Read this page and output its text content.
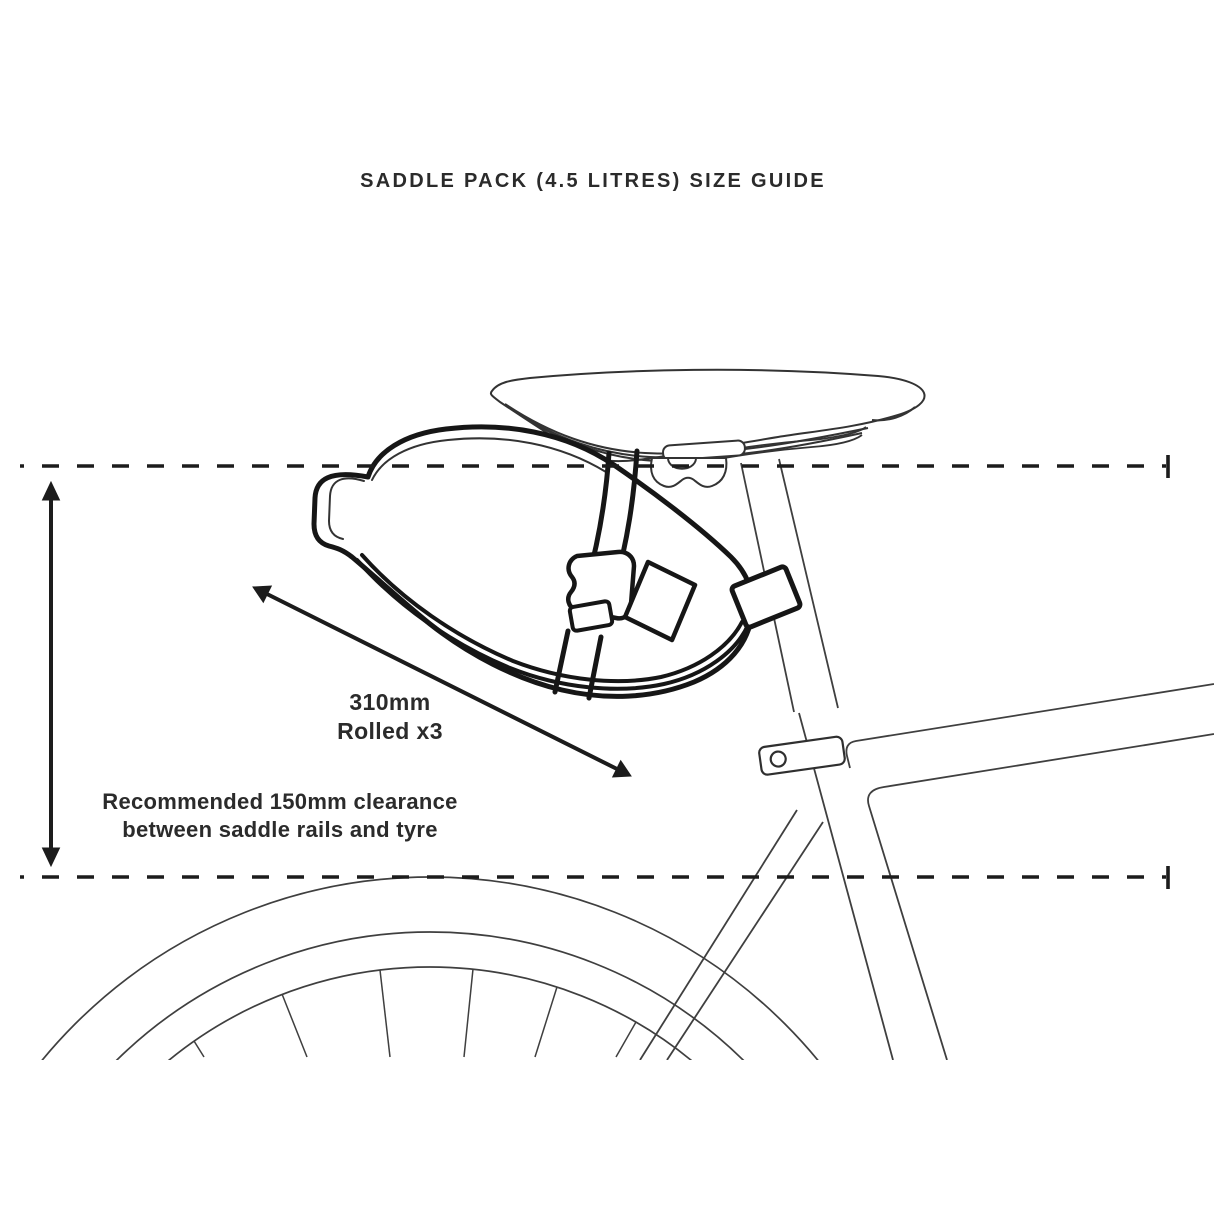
SADDLE PACK (4.5 LITRES) SIZE GUIDE
310mm
Rolled x3
Recommended 150mm clearance
between saddle rails and tyre
